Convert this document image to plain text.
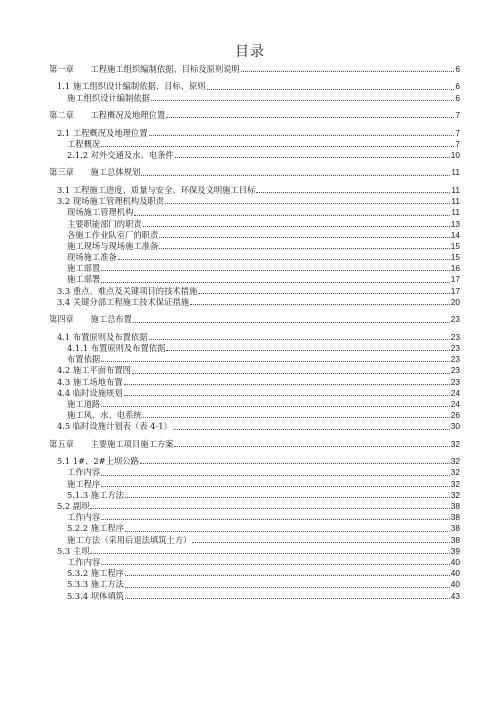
目录
第一章　　工程施工组织编制依据、目标及原则说明	6
1.1 施工组织设计编制依据、目标、原则	6
施工组织设计编制依据	6
第二章　　工程概况及地理位置	7
2.1 工程概况及地理位置	7
工程概况	7
2.1.2 对外交通及水、电条件	10
第三章　　施工总体规划	11
3.1 工程施工进度、质量与安全、环保及文明施工目标	11
3.2 现场施工管理机构及职责	11
现场施工管理机构	11
主要职能部门的职责	13
各施工作业队室厂的职责	14
施工现场与现场施工准备	15
现场施工准备	15
施工部置	16
施工部署	17
3.3 重点、难点及关键项目的技术措施	17
3.4 关键分部工程施工技术保证措施	20
第四章　　施工总布置	23
4.1 布置原则及布置依据	23
4.1.1 布置原则及布置依据	23
布置依据	23
4.2 施工平面布置图	23
4.3 施工场地布置	23
4.4 临时设施规划	24
施工道路	24
施工风、水、电系统	26
4.5 临时设施计划表（表 4-1）	30
第五章　　主要施工项目施工方案	32
5.1 1#、2#上坝公路	32
工作内容	32
施工程序	32
5.1.3 施工方法	32
5.2 副坝	38
工作内容	38
5.2.2 施工程序	38
施工方法（采用后退法填筑土方）	38
5.3 主坝	39
工作内容	40
5.3.2 施工程序	40
5.3.3 施工方法	40
5.3.4 坝体填筑	43
